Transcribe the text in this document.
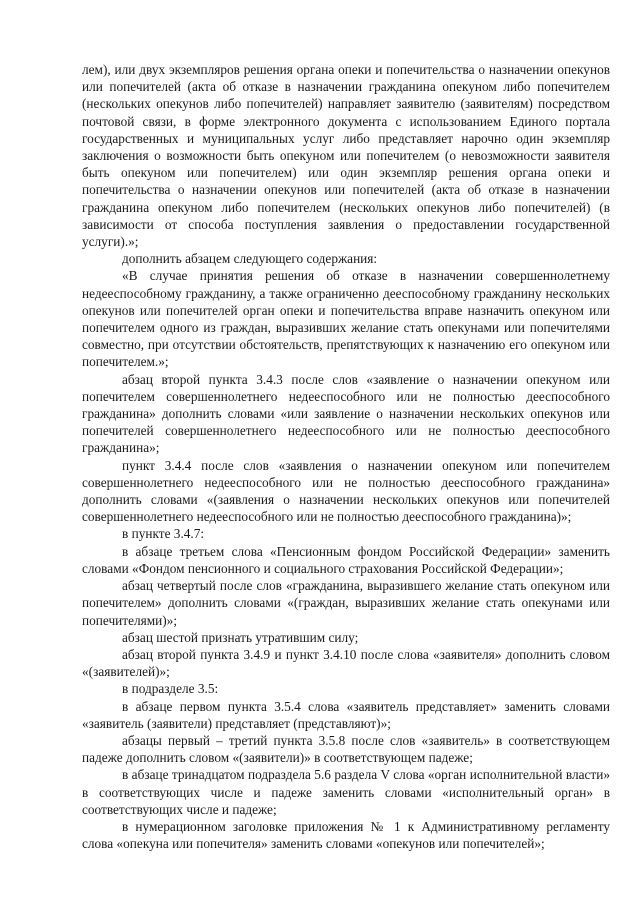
лем), или двух экземпляров решения органа опеки и попечительства о назначении опекунов или попечителей (акта об отказе в назначении гражданина опекуном либо попечителем (нескольких опекунов либо попечителей) направляет заявителю (заявителям) посредством почтовой связи, в форме электронного документа с использованием Единого портала государственных и муниципальных услуг либо представляет нарочно один экземпляр заключения о возможности быть опекуном или попечителем (о невозможности заявителя быть опекуном или попечителем) или один экземпляр решения органа опеки и попечительства о назначении опекунов или попечителей (акта об отказе в назначении гражданина опекуном либо попечителем (нескольких опекунов либо попечителей) (в зависимости от способа поступления заявления о предоставлении государственной услуги).»;

дополнить абзацем следующего содержания:

«В случае принятия решения об отказе в назначении совершеннолетнему недееспособному гражданину, а также ограниченно дееспособному гражданину нескольких опекунов или попечителей орган опеки и попечительства вправе назначить опекуном или попечителем одного из граждан, выразивших желание стать опекунами или попечителями совместно, при отсутствии обстоятельств, препятствующих к назначению его опекуном или попечителем.»;

абзац второй пункта 3.4.3 после слов «заявление о назначении опекуном или попечителем совершеннолетнего недееспособного или не полностью дееспособного гражданина» дополнить словами «или заявление о назначении нескольких опекунов или попечителей совершеннолетнего недееспособного или не полностью дееспособного гражданина»;

пункт 3.4.4 после слов «заявления о назначении опекуном или попечителем совершеннолетнего недееспособного или не полностью дееспособного гражданина» дополнить словами «(заявления о назначении нескольких опекунов или попечителей совершеннолетнего недееспособного или не полностью дееспособного гражданина)»;

в пункте 3.4.7:

в абзаце третьем слова «Пенсионным фондом Российской Федерации» заменить словами «Фондом пенсионного и социального страхования Российской Федерации»;

абзац четвертый после слов «гражданина, выразившего желание стать опекуном или попечителем» дополнить словами «(граждан, выразивших желание стать опекунами или попечителями)»;

абзац шестой признать утратившим силу;

абзац второй пункта 3.4.9 и пункт 3.4.10 после слова «заявителя» дополнить словом «(заявителей)»;

в подразделе 3.5:

в абзаце первом пункта 3.5.4 слова «заявитель представляет» заменить словами «заявитель (заявители) представляет (представляют)»;

абзацы первый – третий пункта 3.5.8 после слов «заявитель» в соответствующем падеже дополнить словом «(заявители)» в соответствующем падеже;

в абзаце тринадцатом подраздела 5.6 раздела V слова «орган исполнительной власти» в соответствующих числе и падеже заменить словами «исполнительный орган» в соответствующих числе и падеже;

в нумерационном заголовке приложения № 1 к Административному регламенту слова «опекуна или попечителя» заменить словами «опекунов или попечителей»;
